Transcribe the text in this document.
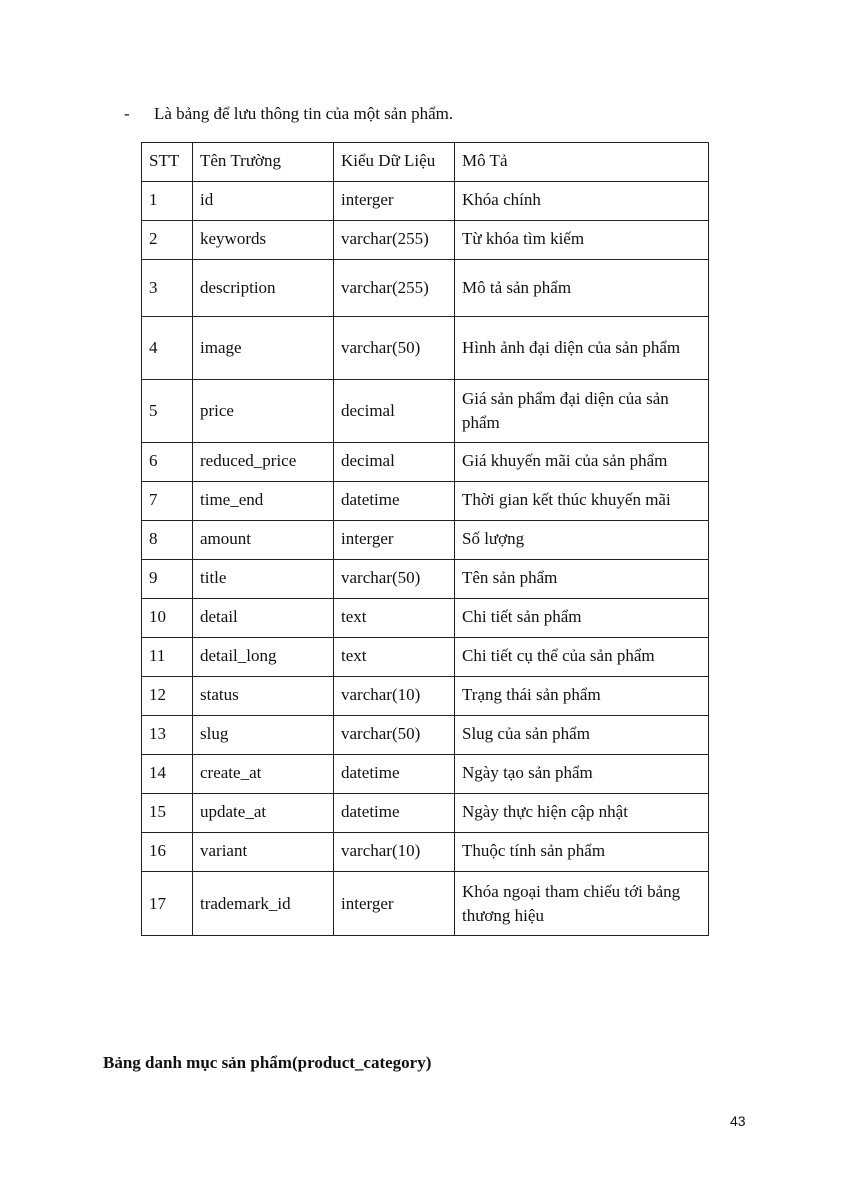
- Là bảng để lưu thông tin của một sản phẩm.
STT	Tên Trường	Kiểu Dữ Liệu	Mô Tả
1	id	interger	Khóa chính
2	keywords	varchar(255)	Từ khóa tìm kiếm
3	description	varchar(255)	Mô tả sản phẩm
4	image	varchar(50)	Hình ảnh đại diện của sản phẩm
5	price	decimal	Giá sản phẩm đại diện của sản phẩm
6	reduced_price	decimal	Giá khuyến mãi của sản phẩm
7	time_end	datetime	Thời gian kết thúc khuyến mãi
8	amount	interger	Số lượng
9	title	varchar(50)	Tên sản phẩm
10	detail	text	Chi tiết sản phẩm
11	detail_long	text	Chi tiết cụ thể của sản phẩm
12	status	varchar(10)	Trạng thái sản phẩm
13	slug	varchar(50)	Slug của sản phẩm
14	create_at	datetime	Ngày tạo sản phẩm
15	update_at	datetime	Ngày thực hiện cập nhật
16	variant	varchar(10)	Thuộc tính sản phẩm
17	trademark_id	interger	Khóa ngoại tham chiếu tới bảng thương hiệu
Bảng danh mục sản phẩm(product_category)
43
